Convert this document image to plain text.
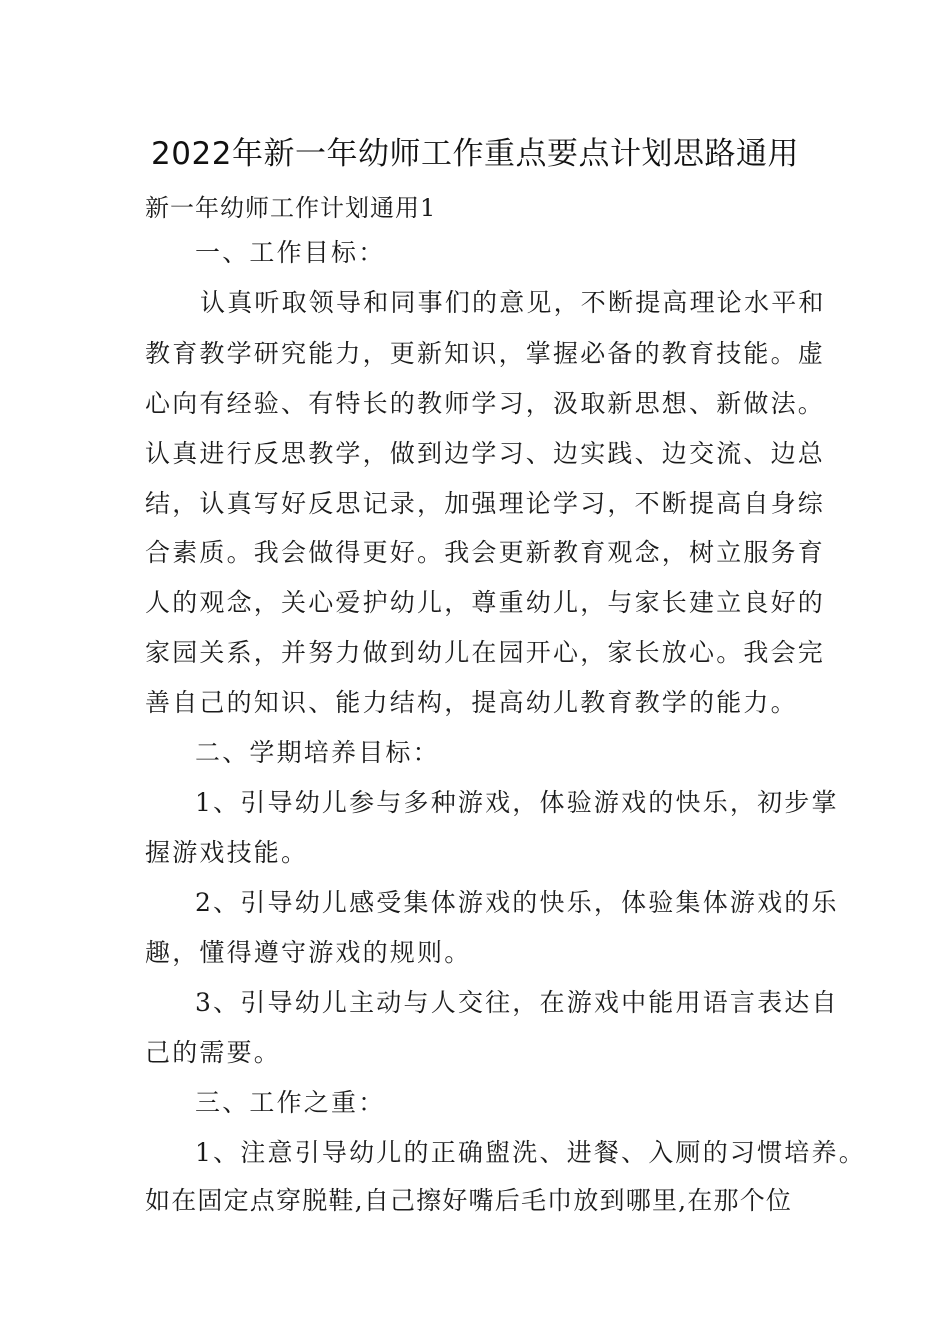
2022年新一年幼师工作重点要点计划思路通用
新一年幼师工作计划通用1
一、工作目标：
认真听取领导和同事们的意见，不断提高理论水平和
教育教学研究能力，更新知识，掌握必备的教育技能。虚
心向有经验、有特长的教师学习，汲取新思想、新做法。
认真进行反思教学，做到边学习、边实践、边交流、边总
结，认真写好反思记录，加强理论学习，不断提高自身综
合素质。我会做得更好。我会更新教育观念，树立服务育
人的观念，关心爱护幼儿，尊重幼儿，与家长建立良好的
家园关系，并努力做到幼儿在园开心，家长放心。我会完
善自己的知识、能力结构，提高幼儿教育教学的能力。
二、学期培养目标：
1、引导幼儿参与多种游戏，体验游戏的快乐，初步掌
握游戏技能。
2、引导幼儿感受集体游戏的快乐，体验集体游戏的乐
趣，懂得遵守游戏的规则。
3、引导幼儿主动与人交往，在游戏中能用语言表达自
己的需要。
三、工作之重：
1、注意引导幼儿的正确盥洗、进餐、入厕的习惯培养。
如在固定点穿脱鞋,自己擦好嘴后毛巾放到哪里,在那个位
